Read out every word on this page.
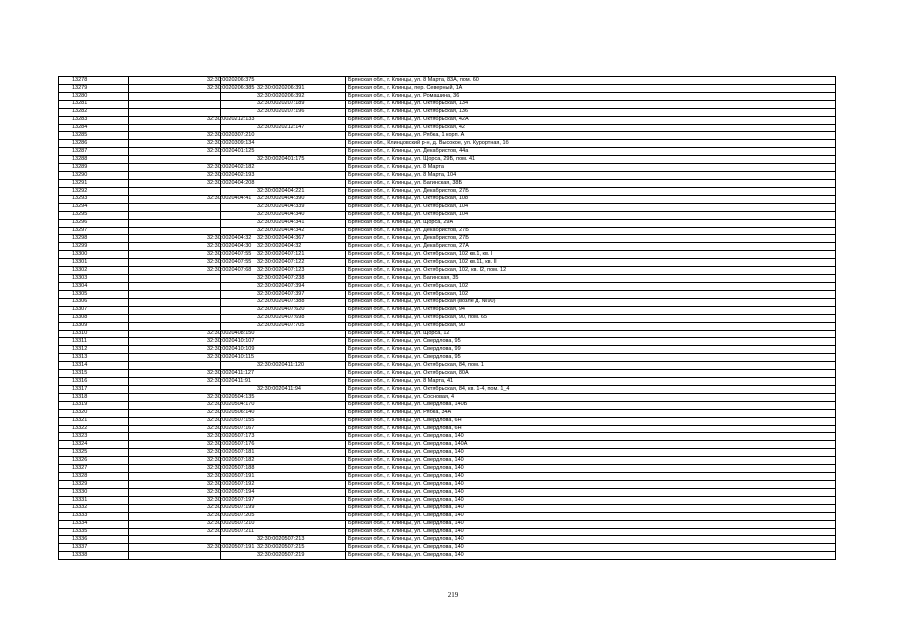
13278	32:30:0020206:375		Брянская обл., г. Клинцы, ул. 8 Марта, 83А, пом. 60
13279	32:30:0020206:385	32:30:0020206:391	Брянская обл., г. Клинцы, пер. Северный, 1А
13280		32:30:0020206:392	Брянская обл., г. Клинцы, ул. Ромашина, 36
13281		32:30:0020207:189	Брянская обл., г. Клинцы, ул. Октябрьская, 134
13282		32:30:0020207:196	Брянская обл., г. Клинцы, ул. Октябрьская, 136
13283	32:30:0020212:133		Брянская обл., г. Клинцы, ул. Октябрьская, 42А
13284		32:30:0020212:147	Брянская обл., г. Клинцы, ул. Октябрьская, 42
13285	32:30:0020307:210		Брянская обл., г. Клинцы, ул. Рябка, 1 корп. А
13286	32:30:0020309:134		Брянская обл., Клинцовский р-н, д. Высокое, ул. Курортная, 1б
13287	32:30:0020401:125		Брянская обл., г. Клинцы, ул. Декабристов, 44а
13288		32:30:0020401:175	Брянская обл., г. Клинцы, ул. Щорса, 29Б, пом. 41
13289	32:30:0020402:182		Брянская обл., г. Клинцы, ул. 8 Марта
13290	32:30:0020402:193		Брянская обл., г. Клинцы, ул. 8 Марта, 104
13291	32:30:0020404:208		Брянская обл., г. Клинцы, ул. Багинская, 38Б
13292		32:30:0020404:221	Брянская обл., г. Клинцы, ул. Декабристов, 27Б
13293	32:30:0020404:41	32:30:0020404:390	Брянская обл., г. Клинцы, ул. Октябрьская, 108
13294		32:30:0020404:339	Брянская обл., г. Клинцы, ул. Октябрьская, 104
13295		32:30:0020404:340	Брянская обл., г. Клинцы, ул. Октябрьская, 104
13296		32:30:0020404:341	Брянская обл., г. Клинцы, ул. Щорса, 29А
13297		32:30:0020404:342	Брянская обл., г. Клинцы, ул. Декабристов, 27Б
13298	32:30:0020404:32	32:30:0020404:367	Брянская обл., г. Клинцы, ул. Декабристов, 27Б
13299	32:30:0020404:30	32:30:0020404:32	Брянская обл., г. Клинцы, ул. Декабристов, 27А
13300	32:30:0020407:55	32:30:0020407:121	Брянская обл., г. Клинцы, ул. Октябрьская, 102 кв.1, кв. I
13301	32:30:0020407:55	32:30:0020407:122	Брянская обл., г. Клинцы, ул. Октябрьская, 102 кв.11, кв. II
13302	32:30:0020407:68	32:30:0020407:123	Брянская обл., г. Клинцы, ул. Октябрьская, 102, кв. I2, пом. 12
13303		32:30:0020407:238	Брянская обл., г. Клинцы, ул. Багинская, 35
13304		32:30:0020407:394	Брянская обл., г. Клинцы, ул. Октябрьская, 102
13305		32:30:0020407:397	Брянская обл., г. Клинцы, ул. Октябрьская, 102
13306		32:30:0020407:388	Брянская обл., г. Клинцы, ул. Октябрьская (возле д. №90)
13307		32:30:0020407:620	Брянская обл., г. Клинцы, ул. Октябрьская, 94
13308		32:30:0020407:698	Брянская обл., г. Клинцы, ул. Октябрьская, 90, пом. 65
13309		32:30:0020407:705	Брянская обл., г. Клинцы, ул. Октябрьская, 90
13310	32:30:0020408:150		Брянская обл., г. Клинцы, ул. Щорса, 12
13311	32:30:0020410:107		Брянская обл., г. Клинцы, ул. Свердлова, 95
13312	32:30:0020410:109		Брянская обл., г. Клинцы, ул. Свердлова, 99
13313	32:30:0020410:115		Брянская обл., г. Клинцы, ул. Свердлова, 95
13314		32:30:0020411:120	Брянская обл., г. Клинцы, ул. Октябрьская, 84, пом. 1
13315	32:30:0020411:127		Брянская обл., г. Клинцы, ул. Октябрьская, 80А
13316	32:30:0020411:91		Брянская обл., г. Клинцы, ул. 8 Марта, 41
13317		32:30:0020411:94	Брянская обл., г. Клинцы, ул. Октябрьская, 84, кв. 1-4, пом. 1_4
13318	32:30:0020504:135		Брянская обл., г. Клинцы, ул. Сосновая, 4
13319	32:30:0020504:170		Брянская обл., г. Клинцы, ул. Свердлова, 140Б
13320	32:30:0020506:140		Брянская обл., г. Клинцы, ул. Рябка, 34А
13321	32:30:0020507:155		Брянская обл., г. Клинцы, ул. Свердлова, 6Н
13322	32:30:0020507:167		Брянская обл., г. Клинцы, ул. Свердлова, 6Н
13323	32:30:0020507:173		Брянская обл., г. Клинцы, ул. Свердлова, 140
13324	32:30:0020507:176		Брянская обл., г. Клинцы, ул. Свердлова, 140А
13325	32:30:0020507:181		Брянская обл., г. Клинцы, ул. Свердлова, 140
13326	32:30:0020507:182		Брянская обл., г. Клинцы, ул. Свердлова, 140
13327	32:30:0020507:188		Брянская обл., г. Клинцы, ул. Свердлова, 140
13328	32:30:0020507:191		Брянская обл., г. Клинцы, ул. Свердлова, 140
13329	32:30:0020507:192		Брянская обл., г. Клинцы, ул. Свердлова, 140
13330	32:30:0020507:194		Брянская обл., г. Клинцы, ул. Свердлова, 140
13331	32:30:0020507:197		Брянская обл., г. Клинцы, ул. Свердлова, 140
13332	32:30:0020507:199		Брянская обл., г. Клинцы, ул. Свердлова, 140
13333	32:30:0020507:205		Брянская обл., г. Клинцы, ул. Свердлова, 140
13334	32:30:0020507:210		Брянская обл., г. Клинцы, ул. Свердлова, 140
13335	32:30:0020507:211		Брянская обл., г. Клинцы, ул. Свердлова, 140
13336		32:30:0020507:213	Брянская обл., г. Клинцы, ул. Свердлова, 140
13337	32:30:0020507:191	32:30:0020507:215	Брянская обл., г. Клинцы, ул. Свердлова, 140
13338		32:30:0020507:219	Брянская обл., г. Клинцы, ул. Свердлова, 140
219
